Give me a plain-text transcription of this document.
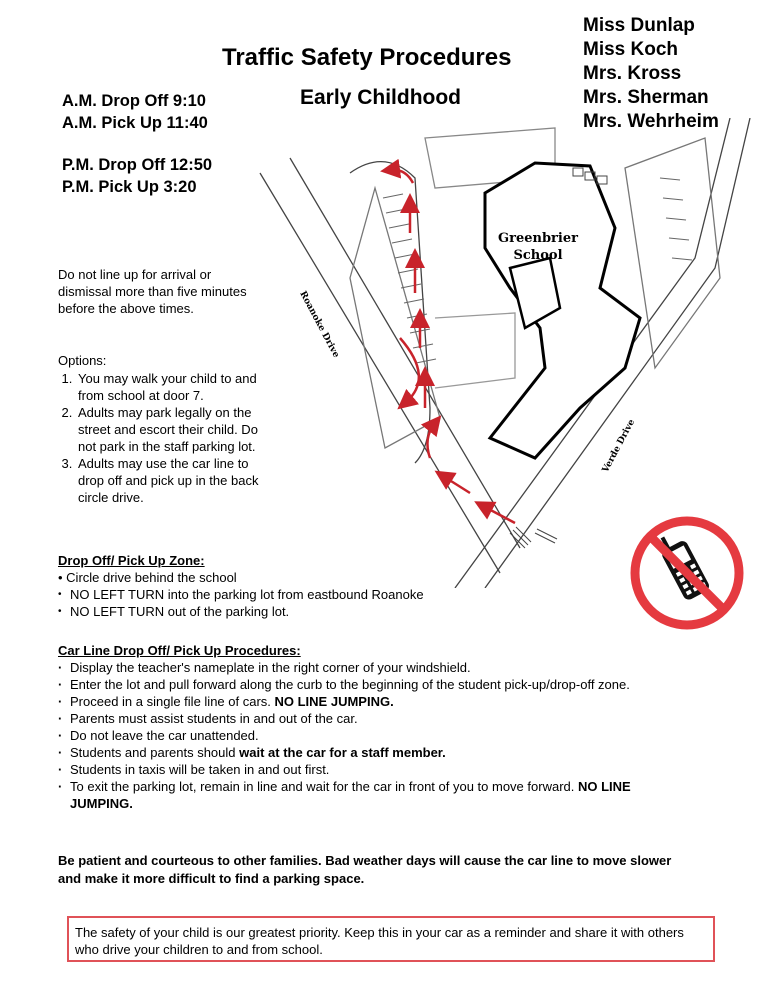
Traffic Safety Procedures
Early Childhood
Miss Dunlap
Miss Koch
Mrs. Kross
Mrs. Sherman
Mrs. Wehrheim
A.M. Drop Off 9:10
A.M. Pick Up 11:40
P.M. Drop Off 12:50
P.M. Pick Up 3:20
Do not line up for arrival or dismissal more than five minutes before the above times.
Options:
1. You may walk your child to and from school at door 7.
2. Adults may park legally on the street and escort their child. Do not park in the staff parking lot.
3. Adults may use the car line to drop off and pick up in the back circle drive.
Greenbrier
School
Roanoke Drive
Verde Drive
Drop Off/ Pick Up Zone:
• Circle drive behind the school
• NO LEFT TURN into the parking lot from eastbound Roanoke
• NO LEFT TURN out of the parking lot.
Car Line Drop Off/ Pick Up Procedures:
· Display the teacher's nameplate in the right corner of your windshield.
· Enter the lot and pull forward along the curb to the beginning of the student pick-up/drop-off zone.
· Proceed in a single file line of cars. NO LINE JUMPING.
· Parents must assist students in and out of the car.
· Do not leave the car unattended.
· Students and parents should wait at the car for a staff member.
· Students in taxis will be taken in and out first.
· To exit the parking lot, remain in line and wait for the car in front of you to move forward. NO LINE JUMPING.
Be patient and courteous to other families. Bad weather days will cause the car line to move slower and make it more difficult to find a parking space.
The safety of your child is our greatest priority. Keep this in your car as a reminder and share it with others who drive your children to and from school.
